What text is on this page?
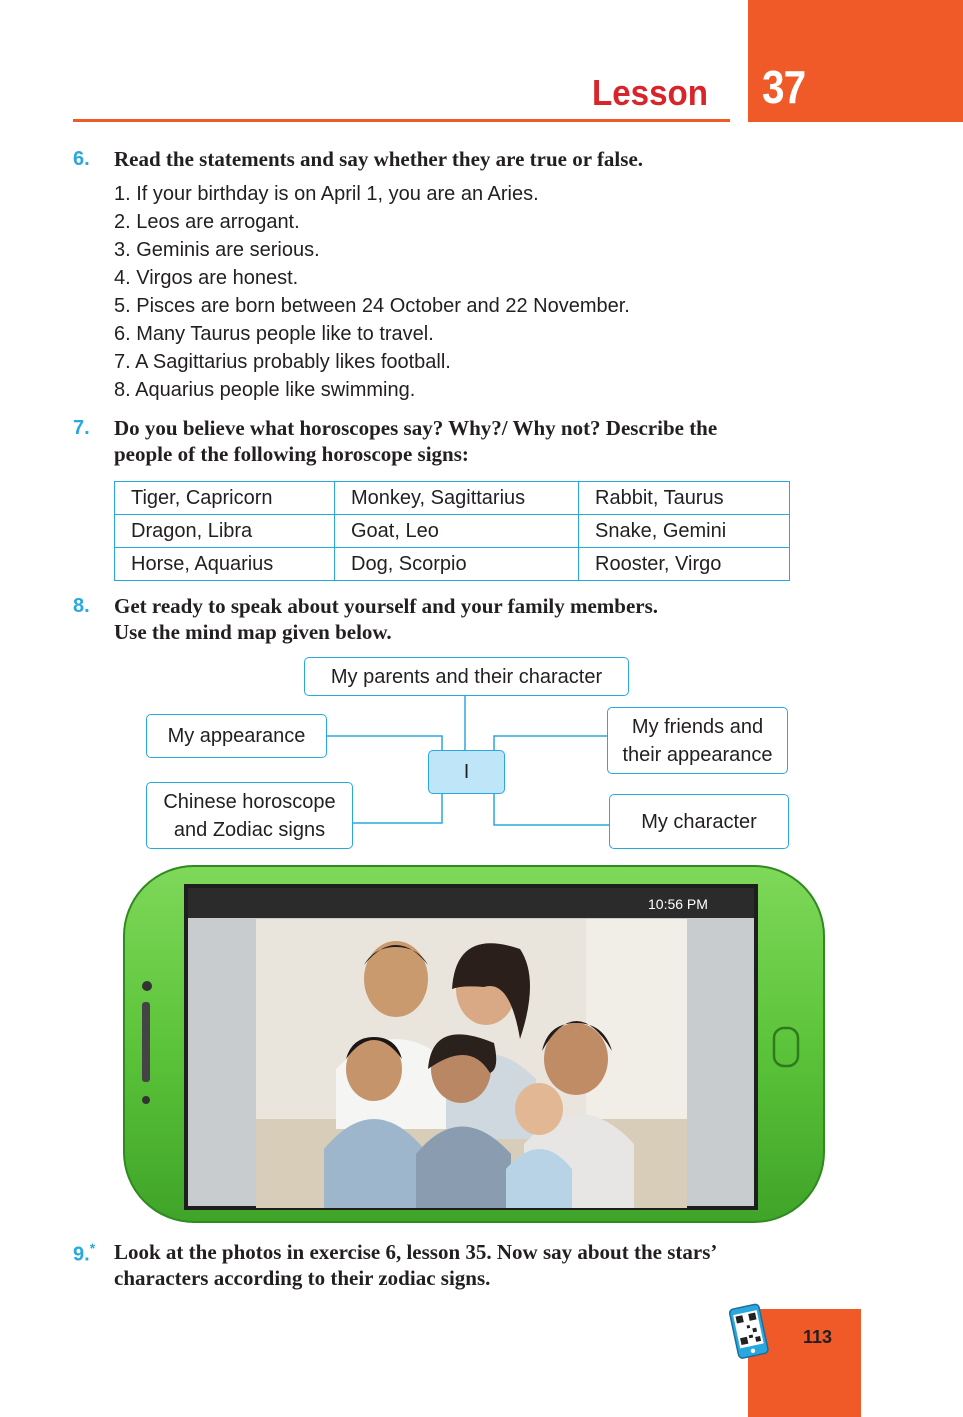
37
Lesson
6. Read the statements and say whether they are true or false.
1. If your birthday is on April 1, you are an Aries.
2. Leos are arrogant.
3. Geminis are serious.
4. Virgos are honest.
5. Pisces are born between 24 October and 22 November.
6. Many Taurus people like to travel.
7. A Sagittarius probably likes football.
8. Aquarius people like swimming.
7. Do you believe what horoscopes say? Why?/ Why not? Describe the
people of the following horoscope signs:
Tiger, Capricorn	Monkey, Sagittarius	Rabbit, Taurus
Dragon, Libra	Goat, Leo	Snake, Gemini
Horse, Aquarius	Dog, Scorpio	Rooster, Virgo
8. Get ready to speak about yourself and your family members.
Use the mind map given below.
My parents and their character
My appearance
Chinese horoscope
and Zodiac signs
I
My friends and
their appearance
My character
10:56 PM
9.* Look at the photos in exercise 6, lesson 35. Now say about the stars’
characters according to their zodiac signs.
113
